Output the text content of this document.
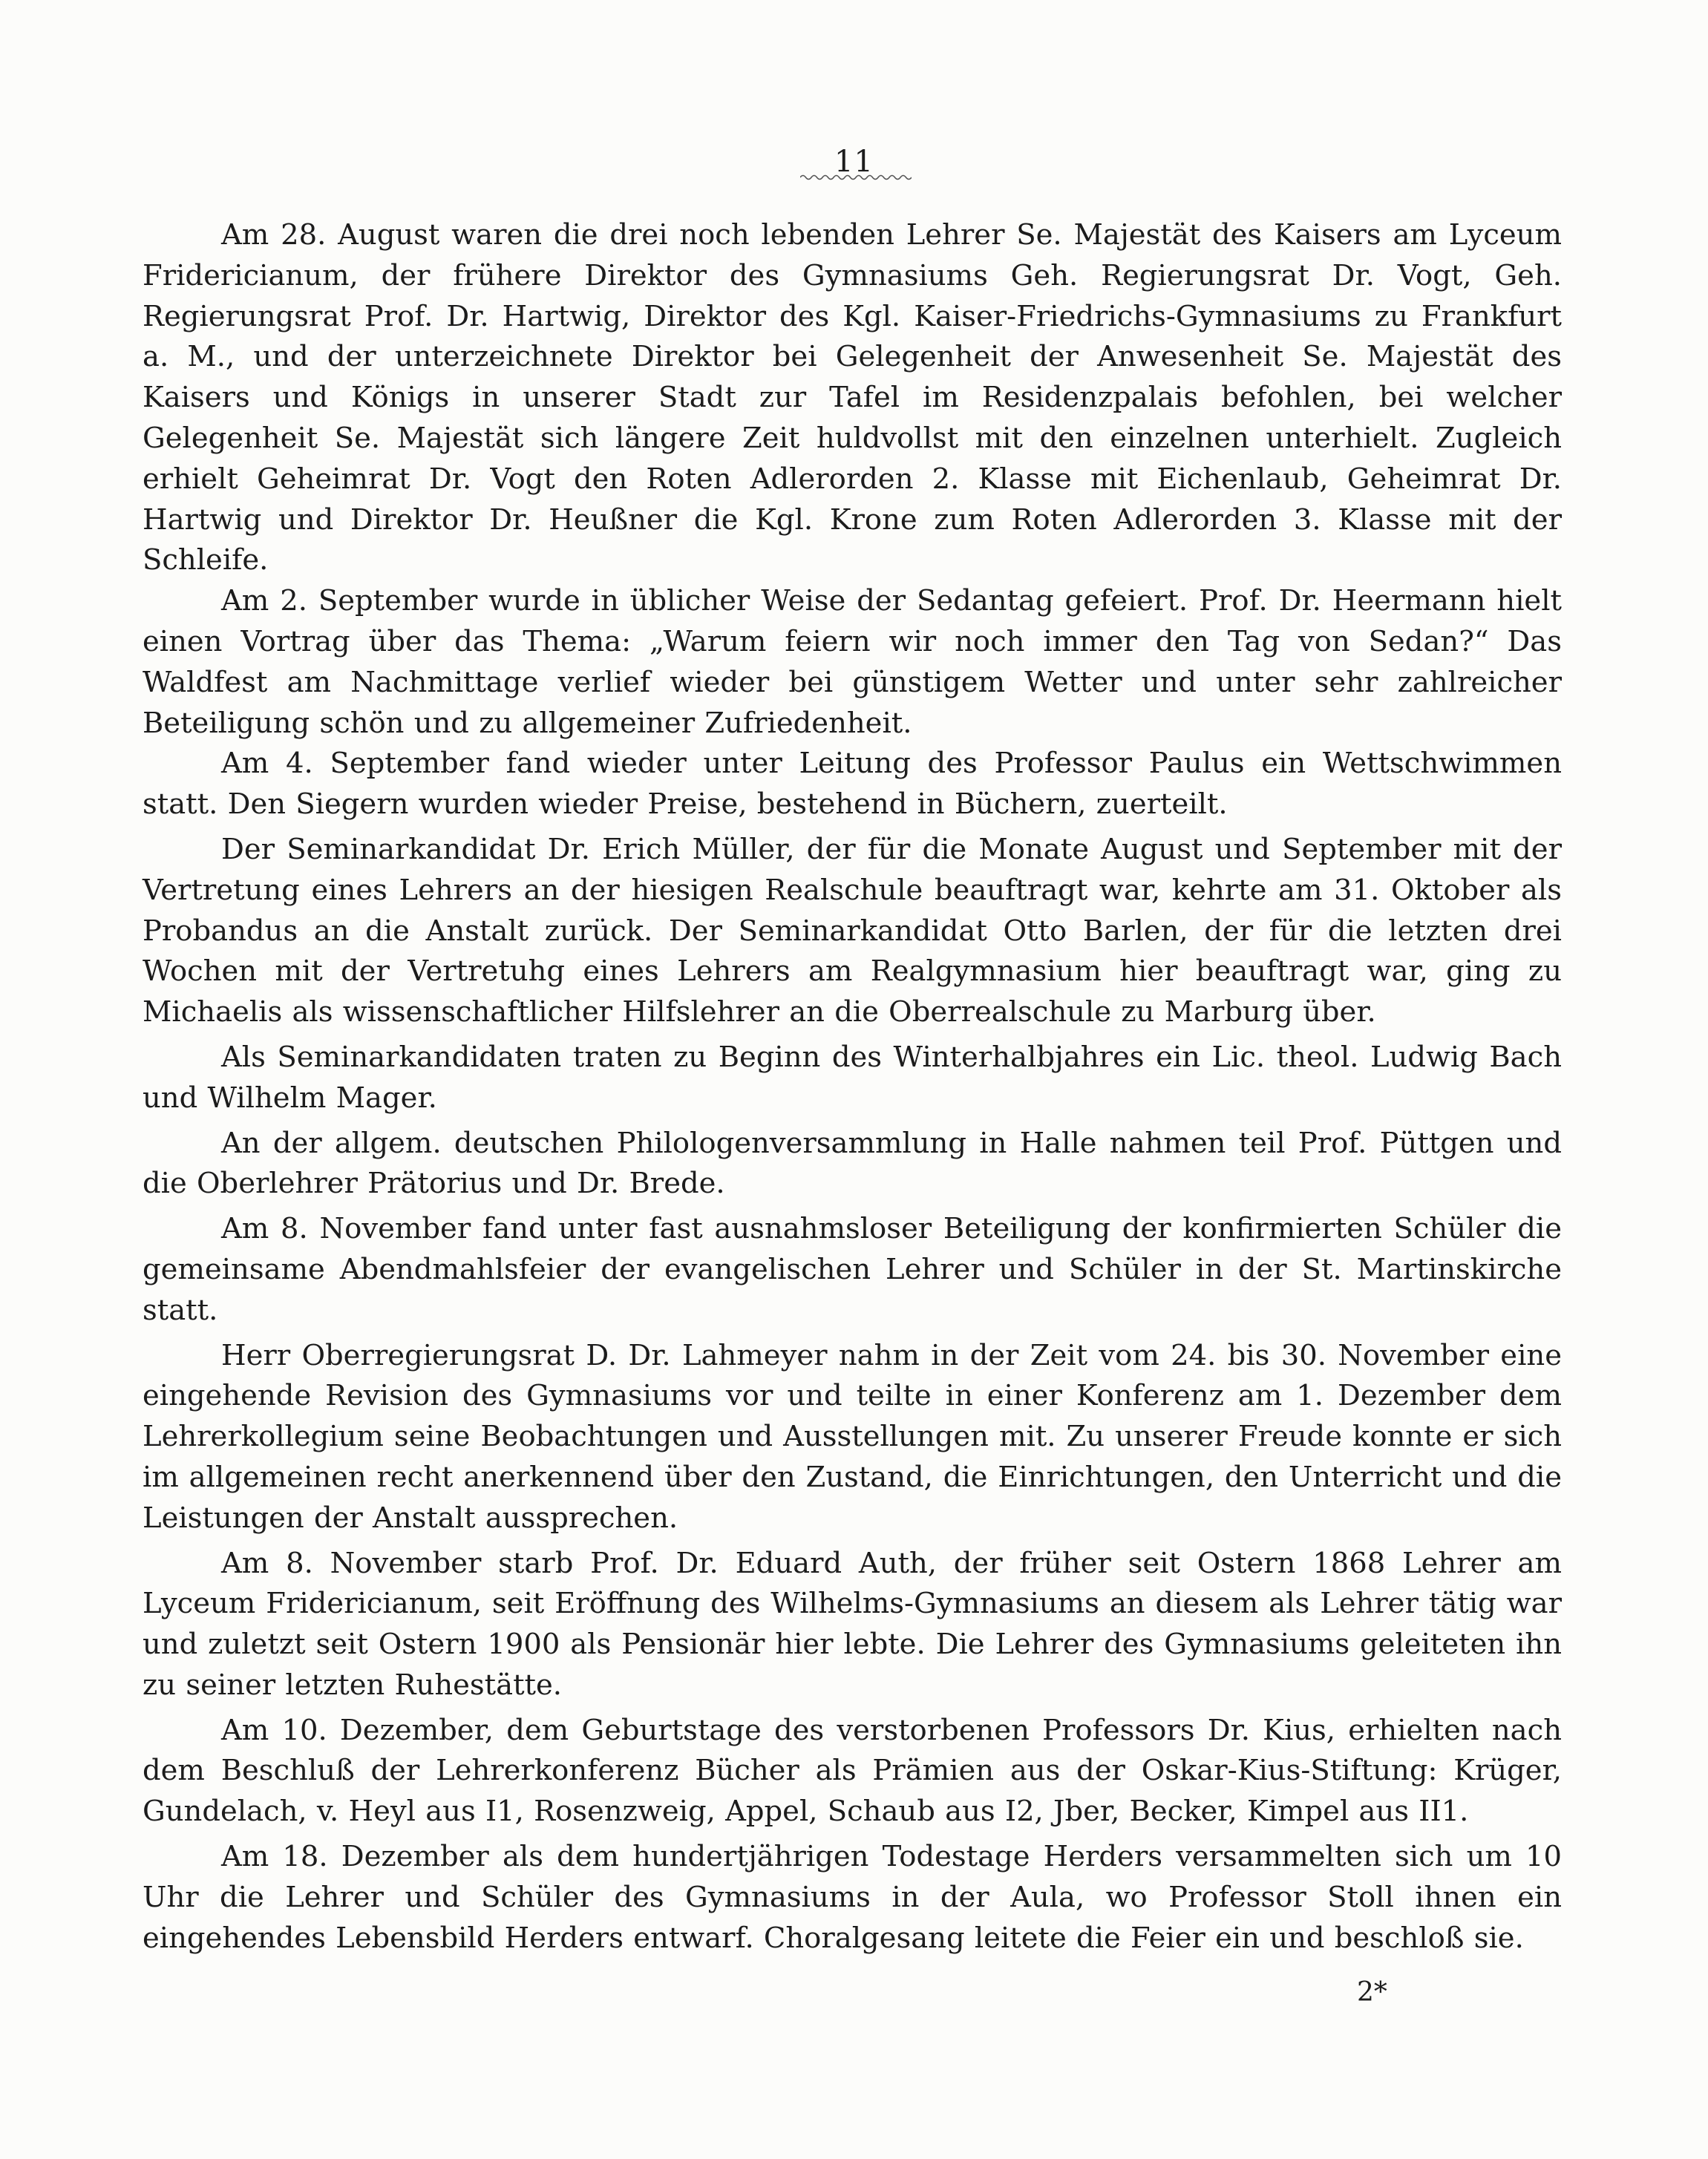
11

Am 28. August waren die drei noch lebenden Lehrer Se. Majestät des Kaisers am Lyceum Fridericianum, der frühere Direktor des Gymnasiums Geh. Regierungsrat Dr. Vogt, Geh. Regierungsrat Prof. Dr. Hartwig, Direktor des Kgl. Kaiser-Friedrichs-Gymnasiums zu Frankfurt a. M., und der unterzeichnete Direktor bei Gelegenheit der Anwesenheit Se. Majestät des Kaisers und Königs in unserer Stadt zur Tafel im Residenzpalais befohlen, bei welcher Gelegenheit Se. Majestät sich längere Zeit huldvollst mit den einzelnen unterhielt. Zugleich erhielt Geheimrat Dr. Vogt den Roten Adlerorden 2. Klasse mit Eichenlaub, Geheimrat Dr. Hartwig und Direktor Dr. Heußner die Kgl. Krone zum Roten Adlerorden 3. Klasse mit der Schleife.

Am 2. September wurde in üblicher Weise der Sedantag gefeiert. Prof. Dr. Heermann hielt einen Vortrag über das Thema: „Warum feiern wir noch immer den Tag von Sedan?“ Das Waldfest am Nachmittage verlief wieder bei günstigem Wetter und unter sehr zahlreicher Beteiligung schön und zu allgemeiner Zufriedenheit.

Am 4. September fand wieder unter Leitung des Professor Paulus ein Wettschwimmen statt. Den Siegern wurden wieder Preise, bestehend in Büchern, zuerteilt.

Der Seminarkandidat Dr. Erich Müller, der für die Monate August und September mit der Vertretung eines Lehrers an der hiesigen Realschule beauftragt war, kehrte am 31. Oktober als Probandus an die Anstalt zurück. Der Seminarkandidat Otto Barlen, der für die letzten drei Wochen mit der Vertretuhg eines Lehrers am Realgymnasium hier beauftragt war, ging zu Michaelis als wissenschaftlicher Hilfslehrer an die Oberrealschule zu Marburg über.

Als Seminarkandidaten traten zu Beginn des Winterhalbjahres ein Lic. theol. Ludwig Bach und Wilhelm Mager.

An der allgem. deutschen Philologenversammlung in Halle nahmen teil Prof. Püttgen und die Oberlehrer Prätorius und Dr. Brede.

Am 8. November fand unter fast ausnahmsloser Beteiligung der konfirmierten Schüler die gemeinsame Abendmahlsfeier der evangelischen Lehrer und Schüler in der St. Martinskirche statt.

Herr Oberregierungsrat D. Dr. Lahmeyer nahm in der Zeit vom 24. bis 30. November eine eingehende Revision des Gymnasiums vor und teilte in einer Konferenz am 1. Dezember dem Lehrerkollegium seine Beobachtungen und Ausstellungen mit. Zu unserer Freude konnte er sich im allgemeinen recht anerkennend über den Zustand, die Einrichtungen, den Unterricht und die Leistungen der Anstalt aussprechen.

Am 8. November starb Prof. Dr. Eduard Auth, der früher seit Ostern 1868 Lehrer am Lyceum Fridericianum, seit Eröffnung des Wilhelms-Gymnasiums an diesem als Lehrer tätig war und zuletzt seit Ostern 1900 als Pensionär hier lebte. Die Lehrer des Gymnasiums geleiteten ihn zu seiner letzten Ruhestätte.

Am 10. Dezember, dem Geburtstage des verstorbenen Professors Dr. Kius, erhielten nach dem Beschluß der Lehrerkonferenz Bücher als Prämien aus der Oskar-Kius-Stiftung: Krüger, Gundelach, v. Heyl aus I1, Rosenzweig, Appel, Schaub aus I2, Jber, Becker, Kimpel aus II1.

Am 18. Dezember als dem hundertjährigen Todestage Herders versammelten sich um 10 Uhr die Lehrer und Schüler des Gymnasiums in der Aula, wo Professor Stoll ihnen ein eingehendes Lebensbild Herders entwarf. Choralgesang leitete die Feier ein und beschloß sie.

2*
